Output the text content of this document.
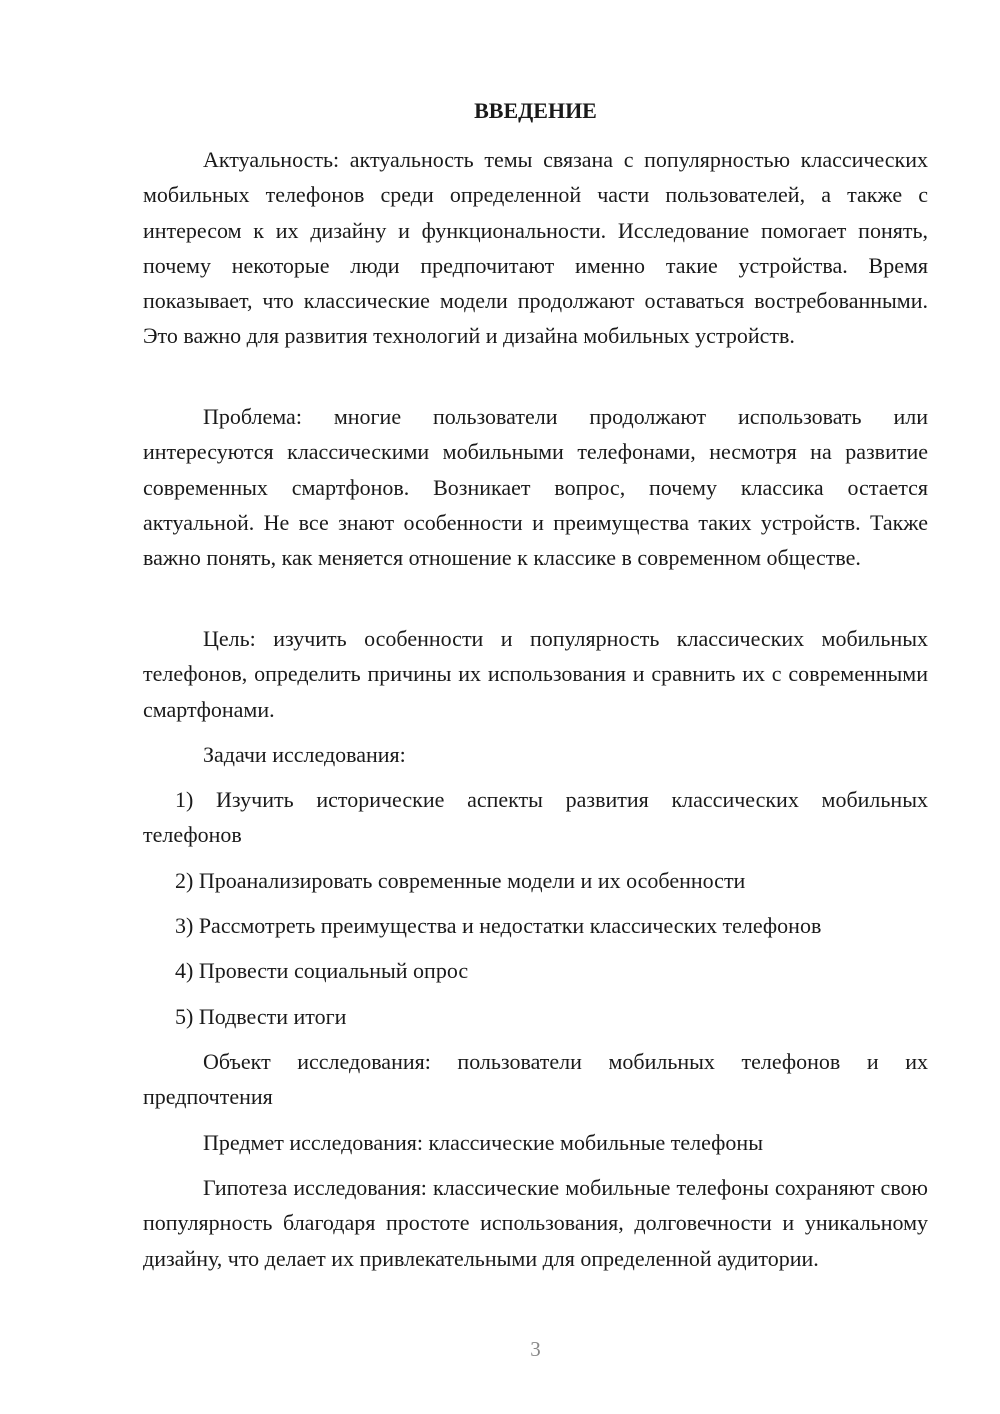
ВВЕДЕНИЕ

Актуальность: актуальность темы связана с популярностью классических мобильных телефонов среди определенной части пользователей, а также с интересом к их дизайну и функциональности. Исследование помогает понять, почему некоторые люди предпочитают именно такие устройства. Время показывает, что классические модели продолжают оставаться востребованными. Это важно для развития технологий и дизайна мобильных устройств.

Проблема: многие пользователи продолжают использовать или интересуются классическими мобильными телефонами, несмотря на развитие современных смартфонов. Возникает вопрос, почему классика остается актуальной. Не все знают особенности и преимущества таких устройств. Также важно понять, как меняется отношение к классике в современном обществе.

Цель: изучить особенности и популярность классических мобильных телефонов, определить причины их использования и сравнить их с современными смартфонами.

Задачи исследования:

1) Изучить исторические аспекты развития классических мобильных телефонов

2) Проанализировать современные модели и их особенности

3) Рассмотреть преимущества и недостатки классических телефонов

4) Провести социальный опрос

5) Подвести итоги

Объект исследования: пользователи мобильных телефонов и их предпочтения

Предмет исследования: классические мобильные телефоны

Гипотеза исследования: классические мобильные телефоны сохраняют свою популярность благодаря простоте использования, долговечности и уникальному дизайну, что делает их привлекательными для определенной аудитории.

3
